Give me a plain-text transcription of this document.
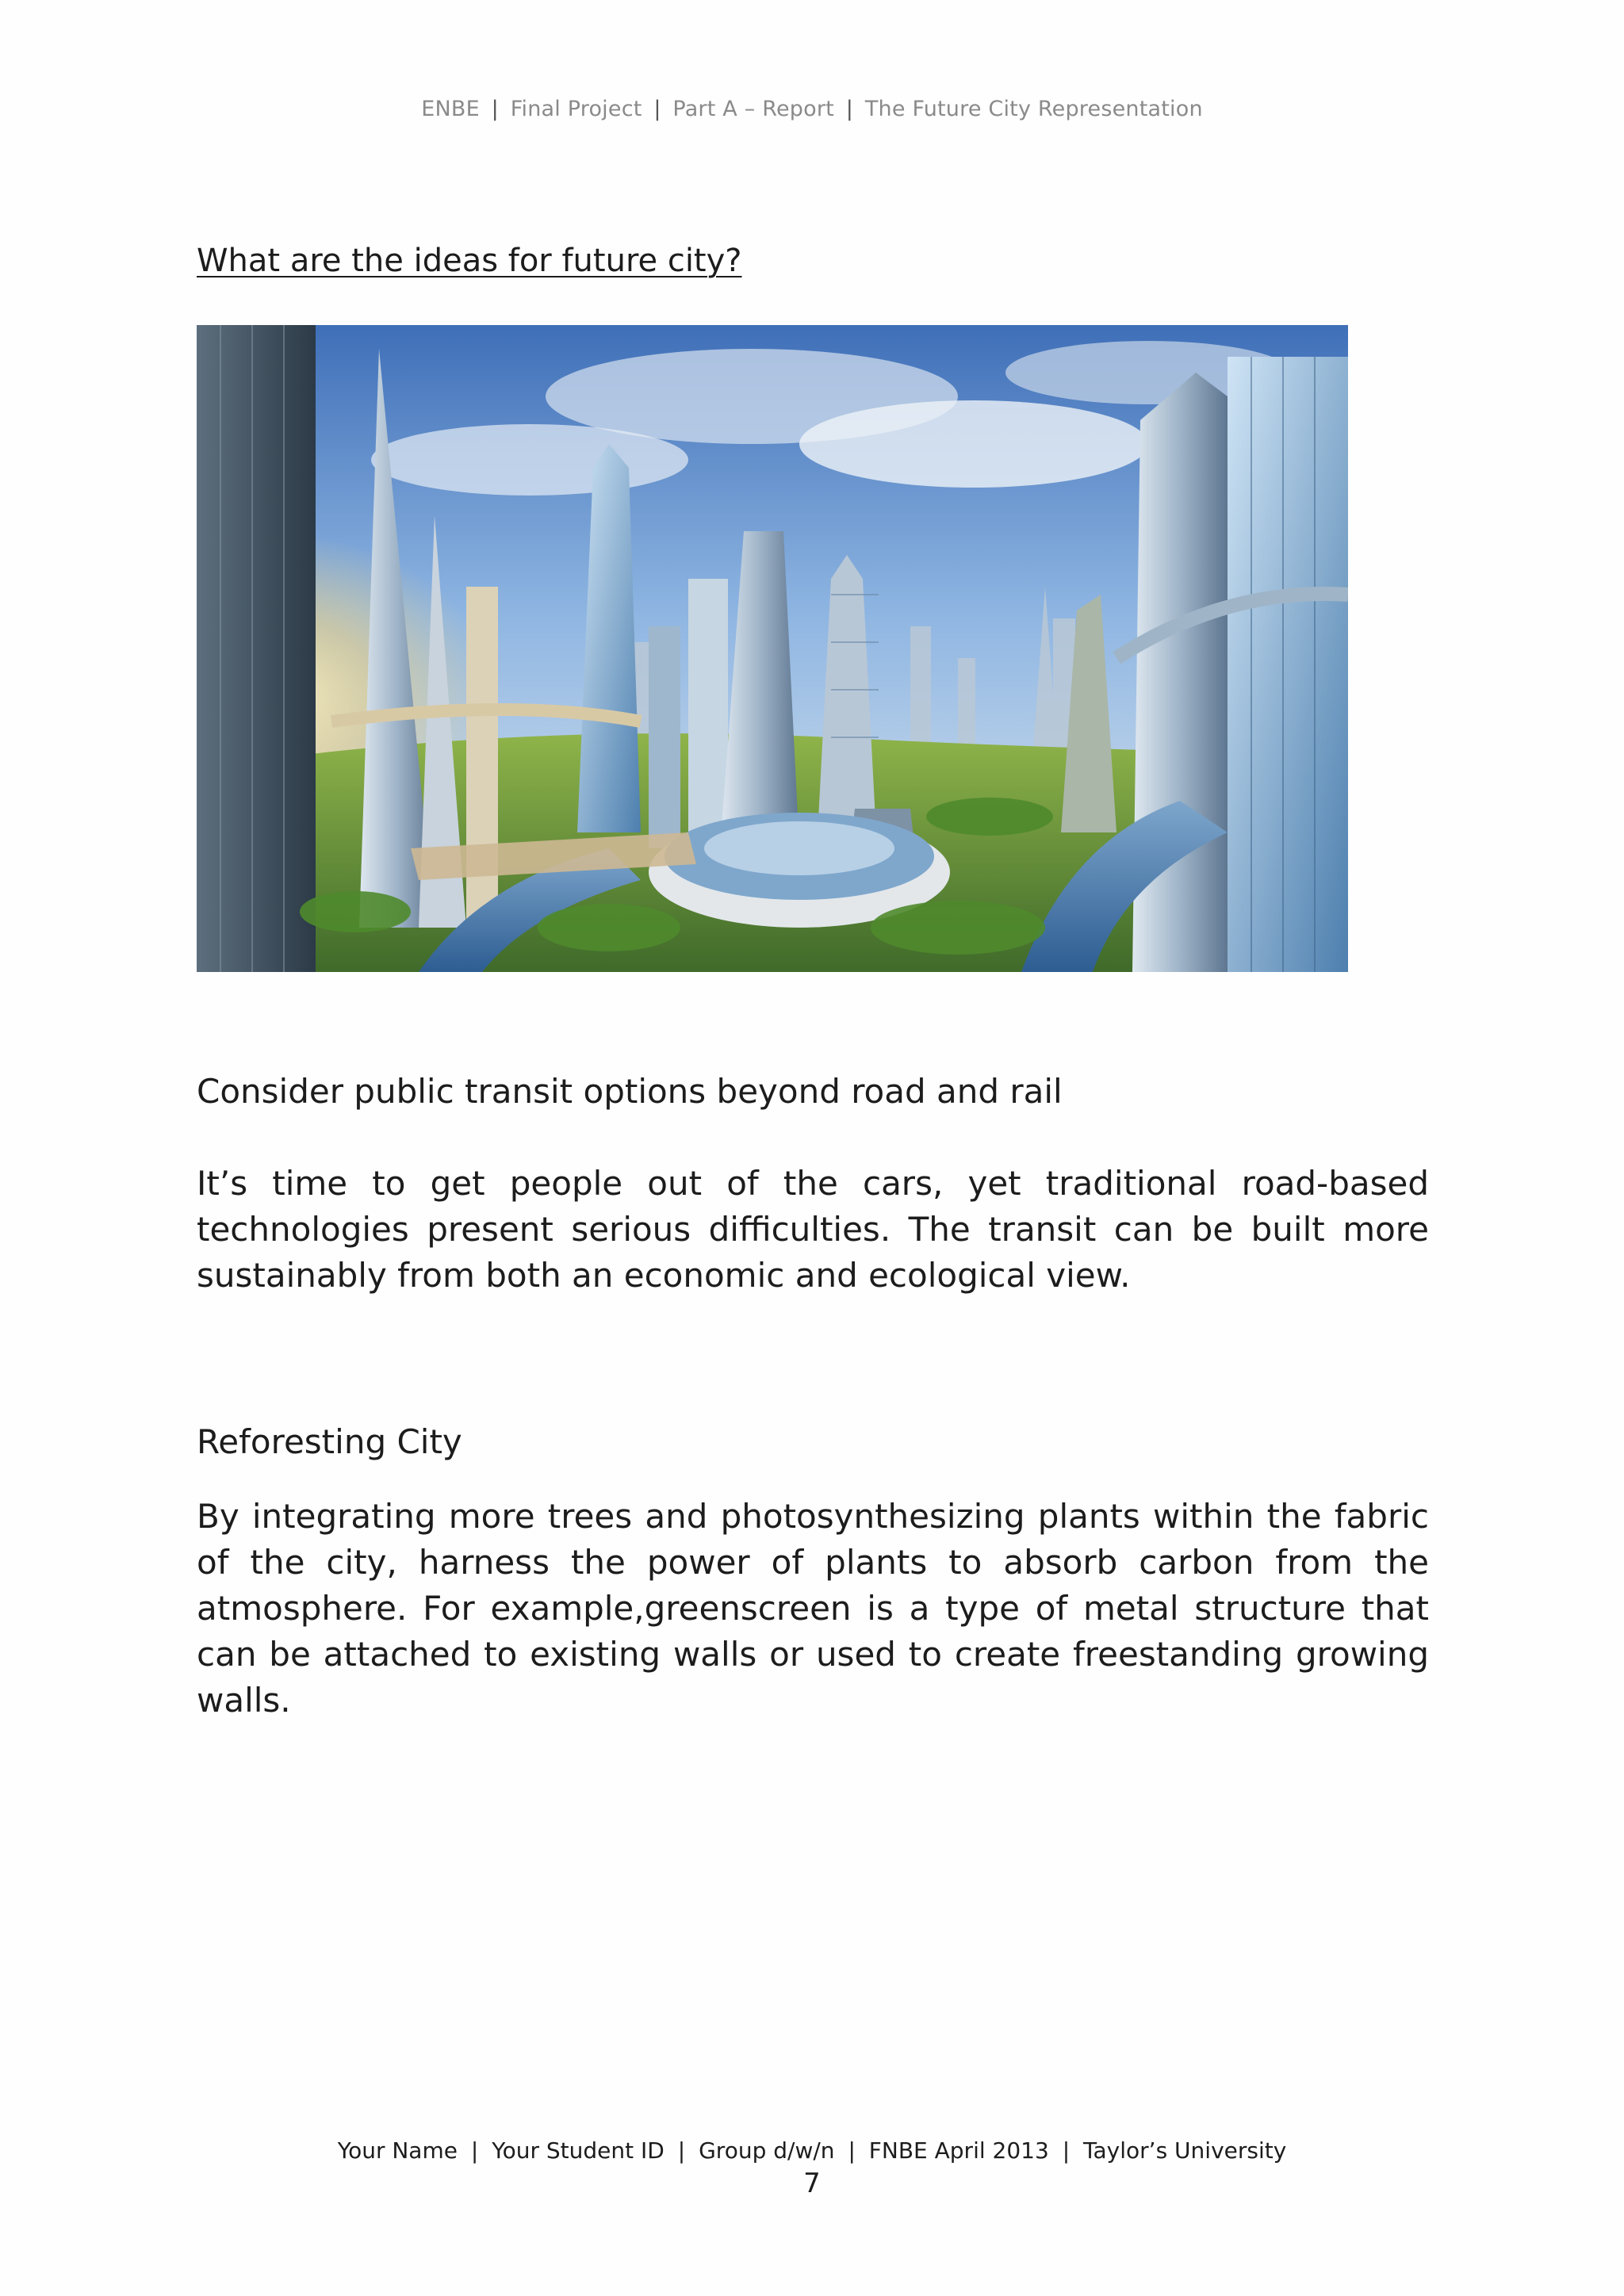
ENBE | Final Project | Part A – Report | The Future City Representation
What are the ideas for future city?
Consider public transit options beyond road and rail
It’s time to get people out of the cars, yet traditional road-based technologies present serious difficulties. The transit can be built more sustainably from both an economic and ecological view.
Reforesting City
By integrating more trees and photosynthesizing plants within the fabric of the city, harness the power of plants to absorb carbon from the atmosphere. For example,greenscreen is a type of metal structure that can be attached to existing walls or used to create freestanding growing walls.
Your Name | Your Student ID | Group d/w/n | FNBE April 2013 | Taylor’s University
7
